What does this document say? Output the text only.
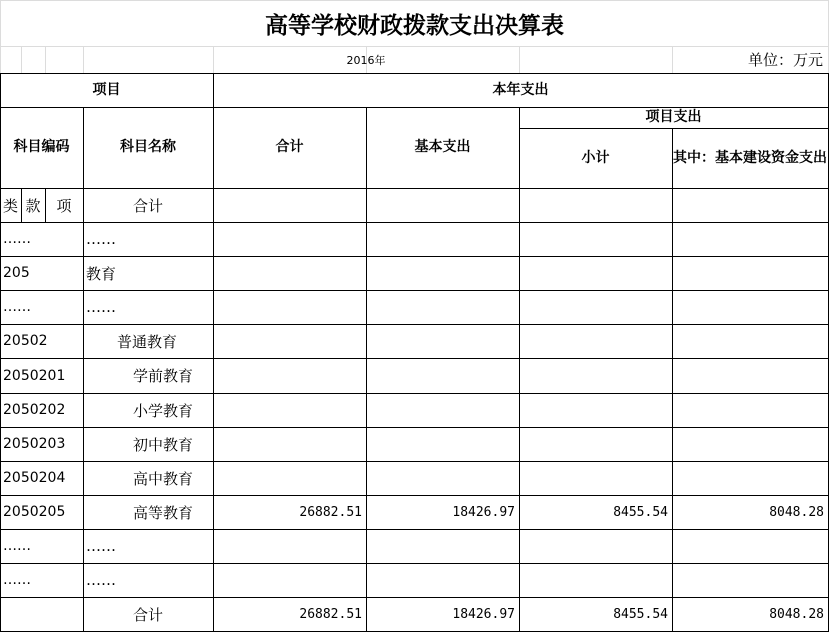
高等学校财政拨款支出决算表
2016年	单位：万元
项目	本年支出
科目编码	科目名称	合计	基本支出
项目支出
小计	其中：基本建设资金支出
类 款	项	合计
……	……
205	教育
……	……
20502	普通教育
2050201	学前教育
2050202	小学教育
2050203	初中教育
2050204	高中教育
2050205	高等教育	26882.51	18426.97	8455.54	8048.28
……	……
……	……
合计	26882.51	18426.97	8455.54	8048.28
